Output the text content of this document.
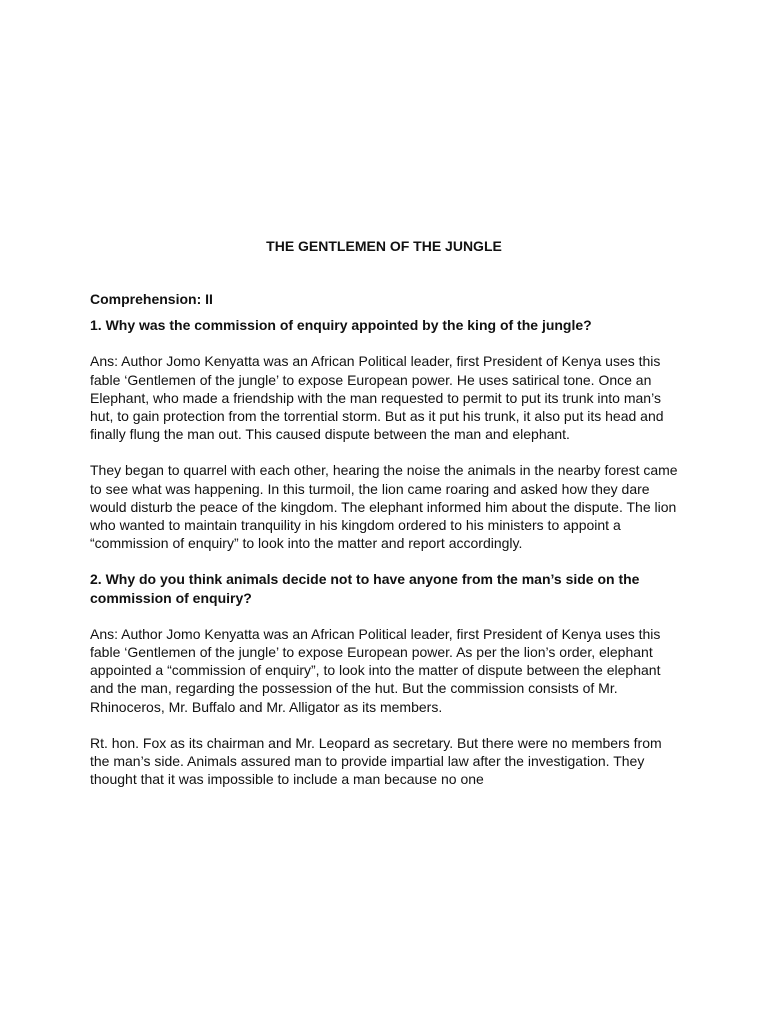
THE GENTLEMEN OF THE JUNGLE

Comprehension: II

1. Why was the commission of enquiry appointed by the king of the jungle?

Ans: Author Jomo Kenyatta was an African Political leader, first President of Kenya uses this fable ‘Gentlemen of the jungle’ to expose European power. He uses satirical tone. Once an Elephant, who made a friendship with the man requested to permit to put its trunk into man’s hut, to gain protection from the torrential storm. But as it put his trunk, it also put its head and finally flung the man out. This caused dispute between the man and elephant.

They began to quarrel with each other, hearing the noise the animals in the nearby forest came to see what was happening. In this turmoil, the lion came roaring and asked how they dare would disturb the peace of the kingdom. The elephant informed him about the dispute. The lion who wanted to maintain tranquility in his kingdom ordered to his ministers to appoint a “commission of enquiry” to look into the matter and report accordingly.

2. Why do you think animals decide not to have anyone from the man’s side on the commission of enquiry?

Ans: Author Jomo Kenyatta was an African Political leader, first President of Kenya uses this fable ‘Gentlemen of the jungle’ to expose European power. As per the lion’s order, elephant appointed a “commission of enquiry”, to look into the matter of dispute between the elephant and the man, regarding the possession of the hut. But the commission consists of Mr. Rhinoceros, Mr. Buffalo and Mr. Alligator as its members.

Rt. hon. Fox as its chairman and Mr. Leopard as secretary. But there were no members from the man’s side. Animals assured man to provide impartial law after the investigation. They thought that it was impossible to include a man because no one
